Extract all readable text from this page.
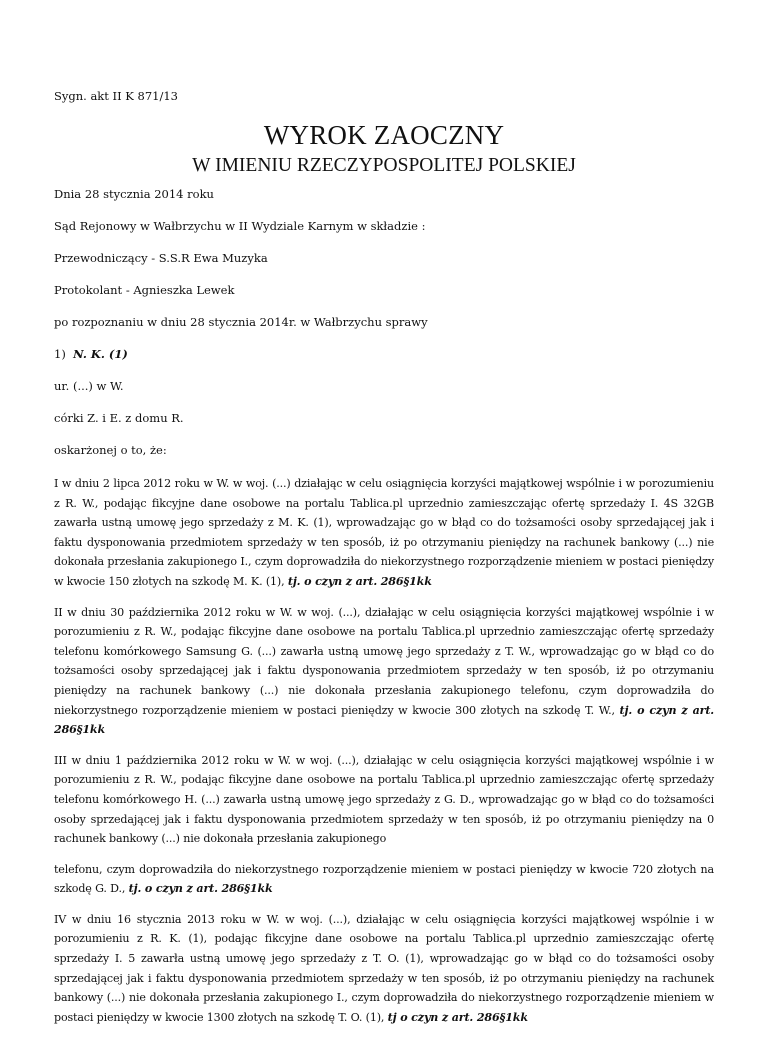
Sygn. akt II K 871/13

WYROK ZAOCZNY

W IMIENIU RZECZYPOSPOLITEJ POLSKIEJ

Dnia 28 stycznia 2014 roku

Sąd Rejonowy w Wałbrzychu w II Wydziale Karnym w składzie :

Przewodniczący - S.S.R Ewa Muzyka

Protokolant - Agnieszka Lewek

po rozpoznaniu w dniu 28 stycznia 2014r. w Wałbrzychu sprawy

1) N. K. (1)

ur. (...) w W.

córki Z. i E. z domu R.

oskarżonej o to, że:

I w dniu 2 lipca 2012 roku w W. w woj. (...) działając w celu osiągnięcia korzyści majątkowej wspólnie i w porozumieniu z R. W., podając fikcyjne dane osobowe na portalu Tablica.pl uprzednio zamieszczając ofertę sprzedaży I. 4S 32GB zawarła ustną umowę jego sprzedaży z M. K. (1), wprowadzając go w błąd co do tożsamości osoby sprzedającej jak i faktu dysponowania przedmiotem sprzedaży w ten sposób, iż po otrzymaniu pieniędzy na rachunek bankowy (...) nie dokonała przesłania zakupionego I., czym doprowadziła do niekorzystnego rozporządzenie mieniem w postaci pieniędzy w kwocie 150 złotych na szkodę M. K. (1), tj. o czyn z art. 286§1kk

II w dniu 30 października 2012 roku w W. w woj. (...), działając w celu osiągnięcia korzyści majątkowej wspólnie i w porozumieniu z R. W., podając fikcyjne dane osobowe na portalu Tablica.pl uprzednio zamieszczając ofertę sprzedaży telefonu komórkowego Samsung G. (...) zawarła ustną umowę jego sprzedaży z T. W., wprowadzając go w błąd co do tożsamości osoby sprzedającej jak i faktu dysponowania przedmiotem sprzedaży w ten sposób, iż po otrzymaniu pieniędzy na rachunek bankowy (...) nie dokonała przesłania zakupionego telefonu, czym doprowadziła do niekorzystnego rozporządzenie mieniem w postaci pieniędzy w kwocie 300 złotych na szkodę T. W., tj. o czyn z art. 286§1kk

III w dniu 1 października 2012 roku w W. w woj. (...), działając w celu osiągnięcia korzyści majątkowej wspólnie i w porozumieniu z R. W., podając fikcyjne dane osobowe na portalu Tablica.pl uprzednio zamieszczając ofertę sprzedaży telefonu komórkowego H. (...) zawarła ustną umowę jego sprzedaży z G. D., wprowadzając go w błąd co do tożsamości osoby sprzedającej jak i faktu dysponowania przedmiotem sprzedaży w ten sposób, iż po otrzymaniu pieniędzy na 0 rachunek bankowy (...) nie dokonała przesłania zakupionego

telefonu, czym doprowadziła do niekorzystnego rozporządzenie mieniem w postaci pieniędzy w kwocie 720 złotych na szkodę G. D., tj. o czyn z art. 286§1kk

IV w dniu 16 stycznia 2013 roku w W. w woj. (...), działając w celu osiągnięcia korzyści majątkowej wspólnie i w porozumieniu z R. K. (1), podając fikcyjne dane osobowe na portalu Tablica.pl uprzednio zamieszczając ofertę sprzedaży I. 5 zawarła ustną umowę jego sprzedaży z T. O. (1), wprowadzając go w błąd co do tożsamości osoby sprzedającej jak i faktu dysponowania przedmiotem sprzedaży w ten sposób, iż po otrzymaniu pieniędzy na rachunek bankowy (...) nie dokonała przesłania zakupionego I., czym doprowadziła do niekorzystnego rozporządzenie mieniem w postaci pieniędzy w kwocie 1300 złotych na szkodę T. O. (1), tj o czyn z art. 286§1kk
